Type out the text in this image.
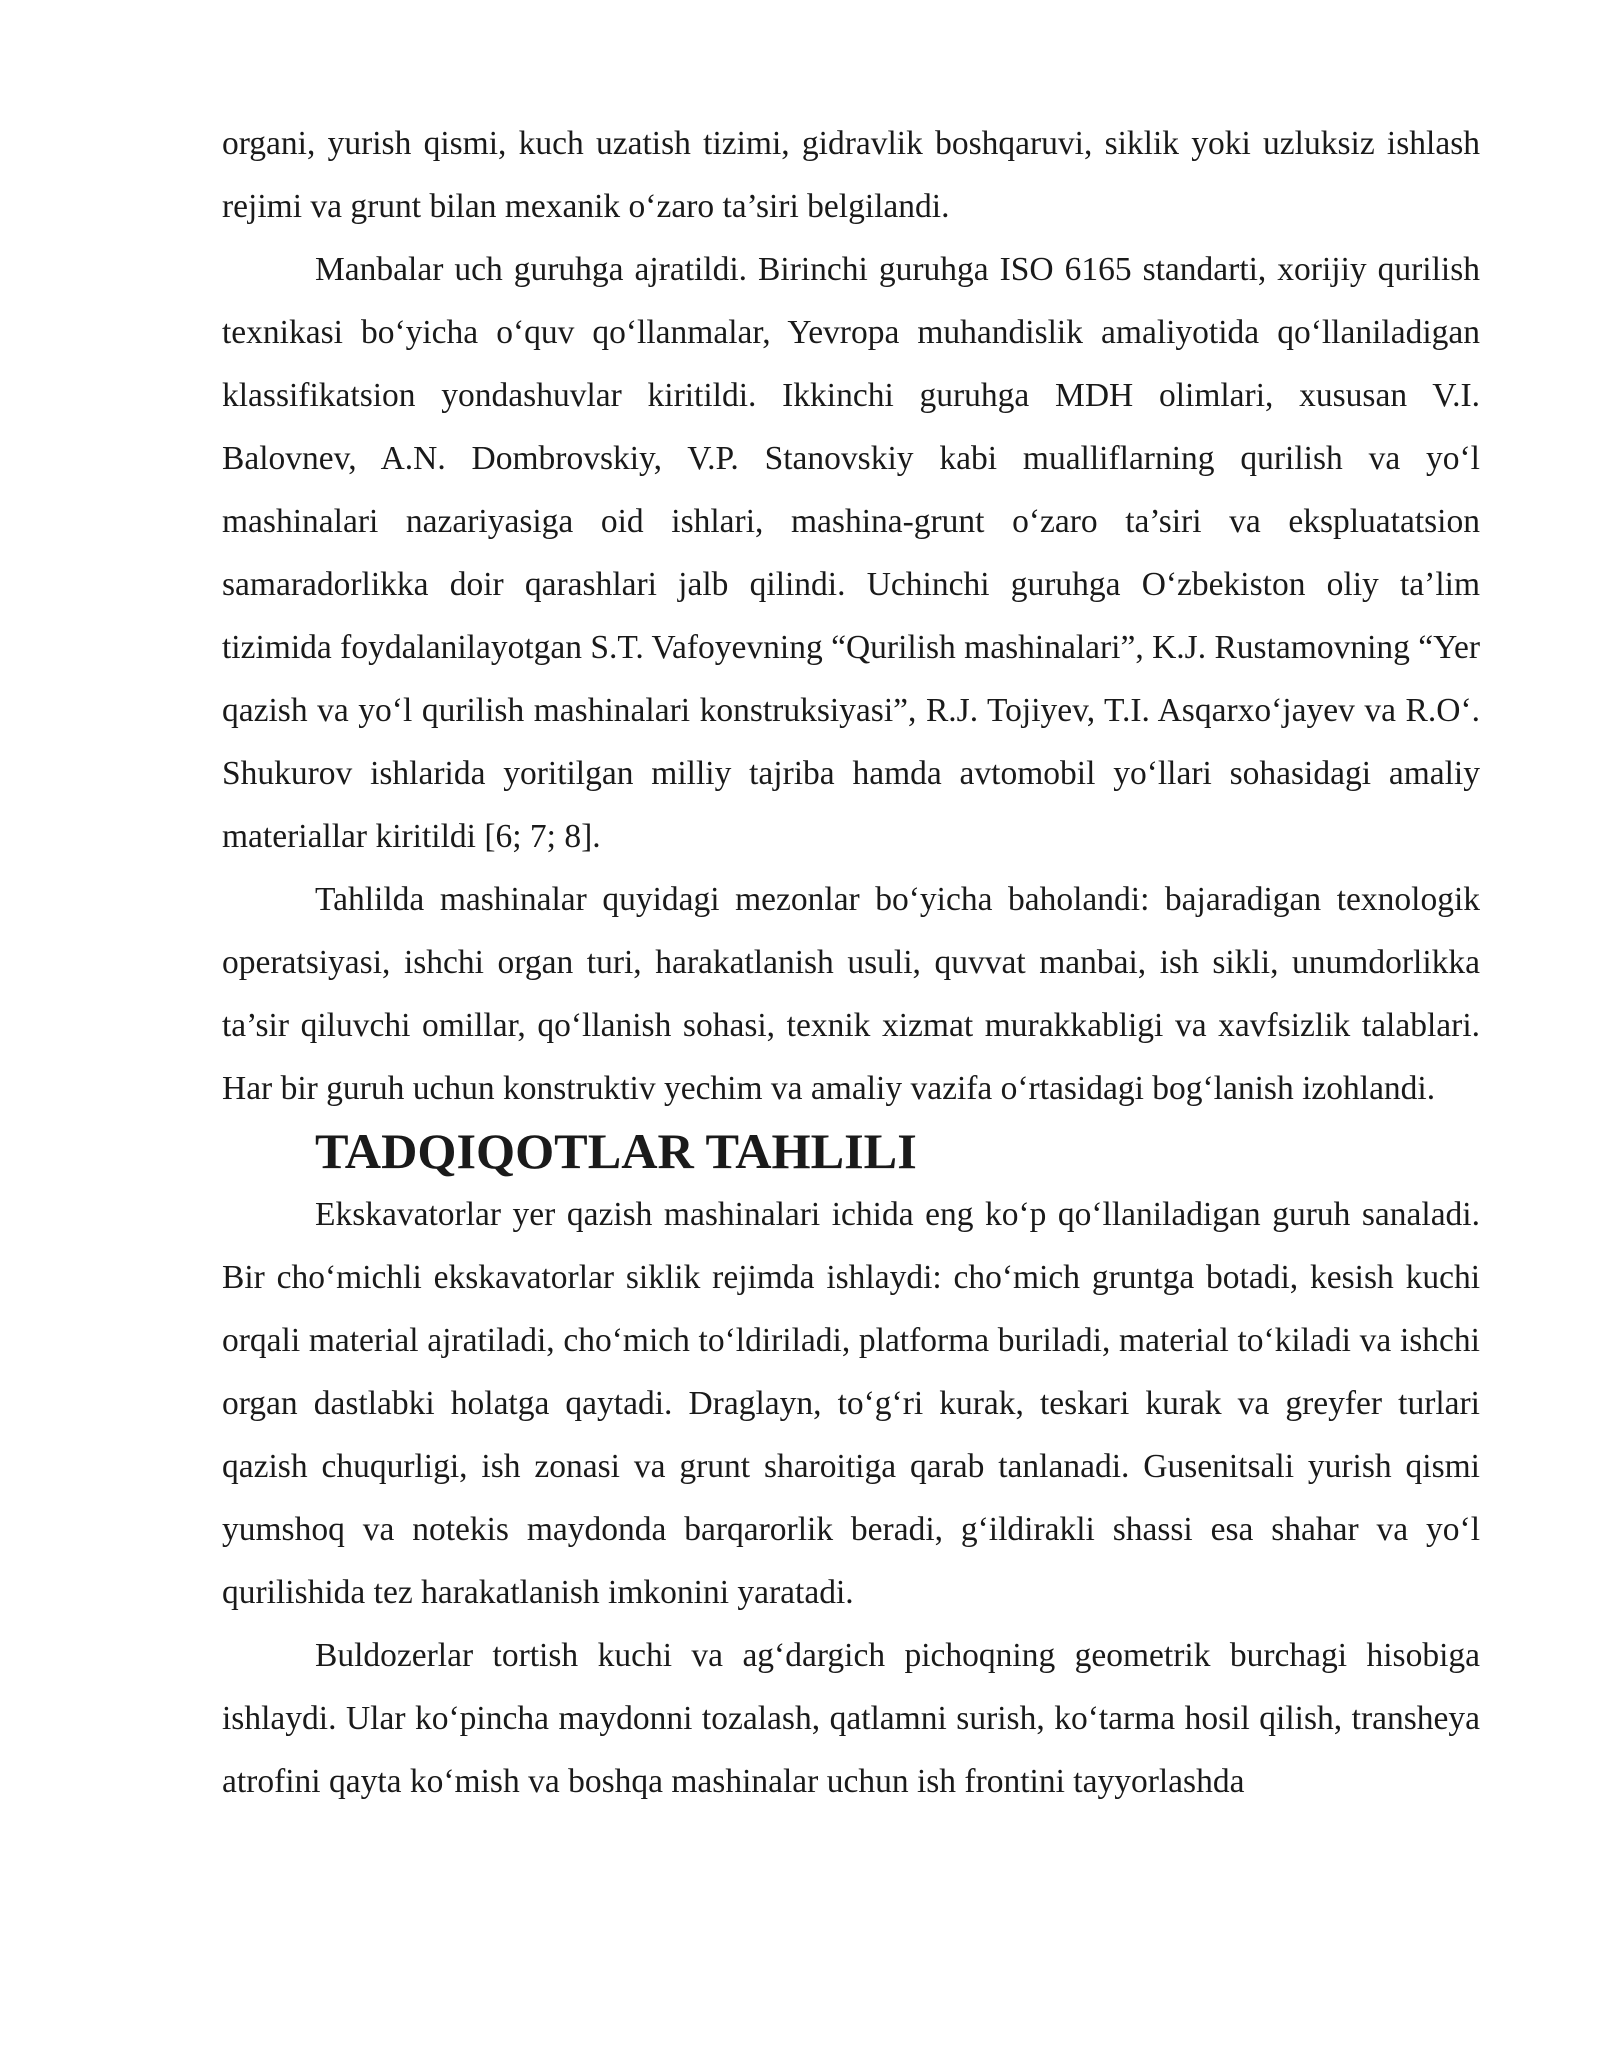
organi, yurish qismi, kuch uzatish tizimi, gidravlik boshqaruvi, siklik yoki uzluksiz ishlash rejimi va grunt bilan mexanik o‘zaro ta’siri belgilandi.

Manbalar uch guruhga ajratildi. Birinchi guruhga ISO 6165 standarti, xorijiy qurilish texnikasi bo‘yicha o‘quv qo‘llanmalar, Yevropa muhandislik amaliyotida qo‘llaniladigan klassifikatsion yondashuvlar kiritildi. Ikkinchi guruhga MDH olimlari, xususan V.I. Balovnev, A.N. Dombrovskiy, V.P. Stanovskiy kabi mualliflarning qurilish va yo‘l mashinalari nazariyasiga oid ishlari, mashina-grunt o‘zaro ta’siri va ekspluatatsion samaradorlikka doir qarashlari jalb qilindi. Uchinchi guruhga O‘zbekiston oliy ta’lim tizimida foydalanilayotgan S.T. Vafoyevning “Qurilish mashinalari”, K.J. Rustamovning “Yer qazish va yo‘l qurilish mashinalari konstruksiyasi”, R.J. Tojiyev, T.I. Asqarxo‘jayev va R.O‘. Shukurov ishlarida yoritilgan milliy tajriba hamda avtomobil yo‘llari sohasidagi amaliy materiallar kiritildi [6; 7; 8].

Tahlilda mashinalar quyidagi mezonlar bo‘yicha baholandi: bajaradigan texnologik operatsiyasi, ishchi organ turi, harakatlanish usuli, quvvat manbai, ish sikli, unumdorlikka ta’sir qiluvchi omillar, qo‘llanish sohasi, texnik xizmat murakkabligi va xavfsizlik talablari. Har bir guruh uchun konstruktiv yechim va amaliy vazifa o‘rtasidagi bog‘lanish izohlandi.

TADQIQOTLAR TAHLILI

Ekskavatorlar yer qazish mashinalari ichida eng ko‘p qo‘llaniladigan guruh sanaladi. Bir cho‘michli ekskavatorlar siklik rejimda ishlaydi: cho‘mich gruntga botadi, kesish kuchi orqali material ajratiladi, cho‘mich to‘ldiriladi, platforma buriladi, material to‘kiladi va ishchi organ dastlabki holatga qaytadi. Draglayn, to‘g‘ri kurak, teskari kurak va greyfer turlari qazish chuqurligi, ish zonasi va grunt sharoitiga qarab tanlanadi. Gusenitsali yurish qismi yumshoq va notekis maydonda barqarorlik beradi, g‘ildirakli shassi esa shahar va yo‘l qurilishida tez harakatlanish imkonini yaratadi.

Buldozerlar tortish kuchi va ag‘dargich pichoqning geometrik burchagi hisobiga ishlaydi. Ular ko‘pincha maydonni tozalash, qatlamni surish, ko‘tarma hosil qilish, transheya atrofini qayta ko‘mish va boshqa mashinalar uchun ish frontini tayyorlashda
